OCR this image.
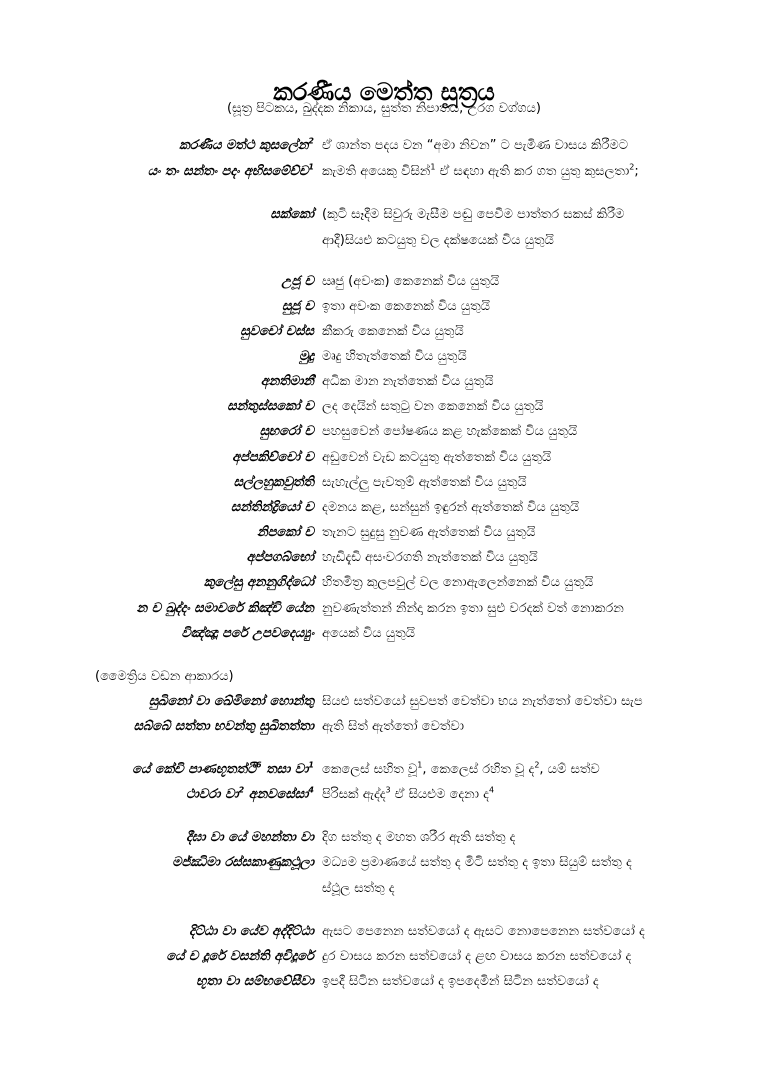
කරණීය මෙත්ත සූත්‍රය
(සූත්‍ර පිටකය, ඛුද්දක නිකාය, සුත්ත නිපාතය, උරග වග්ගය)
(මෛත්‍රිය වඩන ආකාරය)
කරණීය මත්ථ කුසලේන$^2$ ඒ ශාන්ත පදය වන “අමා නිවන” ට පැමිණ වාසය කිරීමට
යං තං සන්තං පදං අභිසමේච්ච$^1$ කැමති අයෙකු විසින්$^1$ ඒ සඳහා ඇති කර ගත යුතු කුසලතා$^2$;
සක්කෝ (කුටි සෑදීම සිවුරු මැසීම පඬු පෙවීම පාත්තර සකස් කිරීම
ආදී)සියළු කටයුතු වල දක්ෂයෙක් විය යුතුයි
උජූ ච ඍජු (අවංක) කෙනෙක් විය යුතුයි
සුජූ ච ඉතා අවංක කෙනෙක් විය යුතුයි
සුවචෝ චස්ස කීකරු කෙනෙක් විය යුතුයි
මුදු මෘදු හිතැත්තෙක් විය යුතුයි
අනතිමානී අධික මාන නැත්තෙක් විය යුතුයි
සන්තුස්සකෝ ච ලද දෙයින් සතුටු වන කෙනෙක් විය යුතුයි
සුභරෝ ච පහසුවෙන් පෝෂණය කළ හැක්කෙක් විය යුතුයි
අප්පකිච්චෝ ච අඩුවෙන් වැඩ කටයුතු ඇත්තෙක් විය යුතුයි
සල්ලහුකවුත්ති සැහැල්ලු පැවතුම් ඇත්තෙක් විය යුතුයි
සන්තින්ද්‍රියෝ ච දමනය කළ, සන්සුන් ඉඳුරන් ඇත්තෙක් විය යුතුයි
නිපකෝ ච තැනට සුදුසු නුවණ ඇත්තෙක් විය යුතුයි
අප්පගබ්භෝ හැඩිදැඩි අසංවරගති නැත්තෙක් විය යුතුයි
කුලේසු අනනුගිද්ධෝ හිතමිත්‍ර කුලපවුල් වල නොඇලෙන්නෙක් විය යුතුයි
න ච ඛුද්දං සමාචරේ කිඤ්චි යේන නුවණැත්තන් නින්දා කරන ඉතා සුළු වරදක් වත් නොකරන
විඤ්ඤූ පරේ උපවදෙය්‍යුං අයෙක් විය යුතුයි
සුඛිනෝ වා ඛේමිනෝ හොන්තු සියළු සත්වයෝ සුවපත් වෙත්වා භය නැත්තෝ වෙත්වා සැප
සබ්බේ සත්තා භවන්තු සුඛිතත්තා ඇති සිත් ඇත්තෝ වෙත්වා
යේ කේචි පාණභූතත්ථි$^6$ තසා වා$^1$ කෙලෙස් සහිත වූ$^1$, කෙලෙස් රහිත වූ ද$^2$, යම් සත්ව
ථාවරා වා$^2$ අනවසේසා$^4$ පිරිසක් ඇද්ද$^3$ ඒ සියළුම දෙනා ද$^4$
දීඝා වා යේ මහන්තා වා දිග සත්තු ද මහත ශරීර ඇති සත්තු ද
මජ්ඣිමා රස්සකාණුකථූලා මධ්‍යම ප්‍රමාණයේ සත්තු ද මිටි සත්තු ද ඉතා සියුම් සත්තු ද
ස්ථූල සත්තු ද
දිට්ඨා වා යේව අද්දිට්ඨා ඇසට පෙනෙන සත්වයෝ ද ඇසට නොපෙනෙන සත්වයෝ ද
යේ ච දූරේ වසන්ති අවිදූරේ දුර වාසය කරන සත්වයෝ ද ළඟ වාසය කරන සත්වයෝ ද
භූතා වා සම්භවේසීවා ඉපදී සිටින සත්වයෝ ද ඉපදෙමින් සිටින සත්වයෝ ද
